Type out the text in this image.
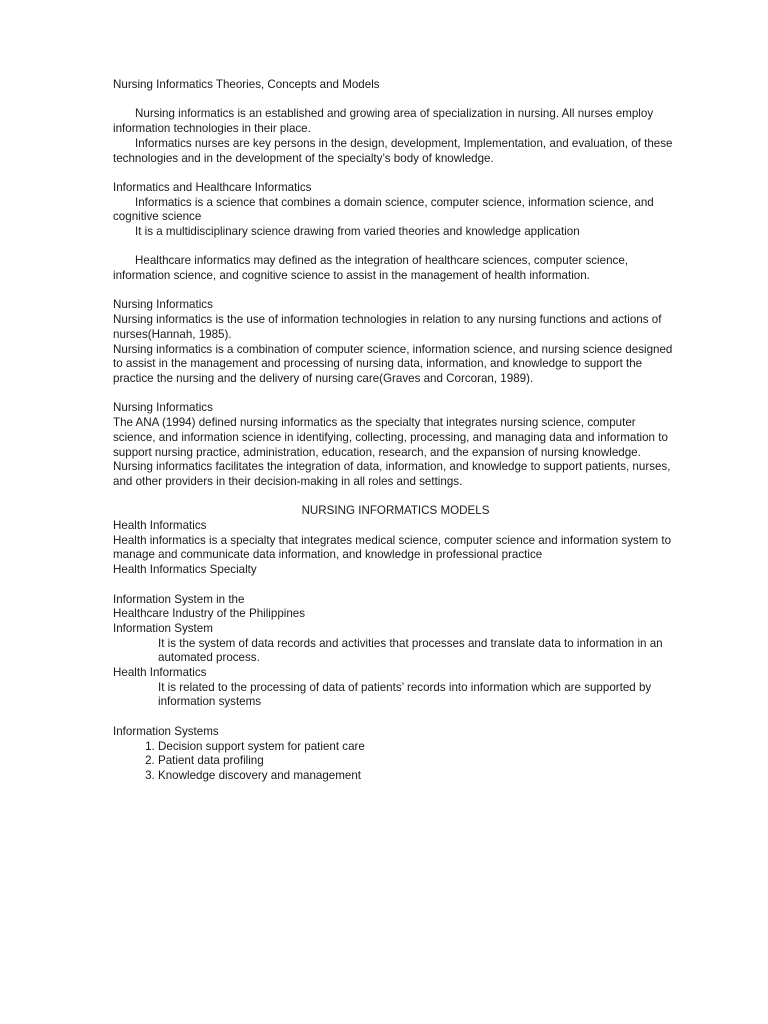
Nursing Informatics Theories, Concepts and Models

Nursing informatics is an established and growing area of specialization in nursing. All nurses employ information technologies in their place.

Informatics nurses are key persons in the design, development, Implementation, and evaluation, of these technologies and in the development of the specialty’s body of knowledge.

Informatics and Healthcare Informatics

Informatics is a science that combines a domain science, computer science, information science, and cognitive science

It is a multidisciplinary science drawing from varied theories and knowledge application

Healthcare informatics may defined as the integration of healthcare sciences, computer science, information science, and cognitive science to assist in the management of health information.

Nursing Informatics

Nursing informatics is the use of information technologies in relation to any nursing functions and actions of nurses(Hannah, 1985).

Nursing informatics is a combination of computer science, information science, and nursing science designed to assist in the management and processing of nursing data, information, and knowledge to support the practice the nursing and the delivery of nursing care(Graves and Corcoran, 1989).

Nursing Informatics

The ANA (1994) defined nursing informatics as the specialty that integrates nursing science, computer science, and information science in identifying, collecting, processing, and managing data and information to support nursing practice, administration, education, research, and the expansion of nursing knowledge.

Nursing informatics facilitates the integration of data, information, and knowledge to support patients, nurses, and other providers in their decision-making in all roles and settings.

NURSING INFORMATICS MODELS

Health Informatics

Health informatics is a specialty that integrates medical science, computer science and information system to manage and communicate data information, and knowledge in professional practice

Health Informatics Specialty

Information System in the

Healthcare Industry of the Philippines

Information System

It is the system of data records and activities that processes and translate data to information in an automated process.

Health Informatics

It is related to the processing of data of patients’ records into information which are supported by information systems

Information Systems

1. Decision support system for patient care
2. Patient data profiling
3. Knowledge discovery and management
